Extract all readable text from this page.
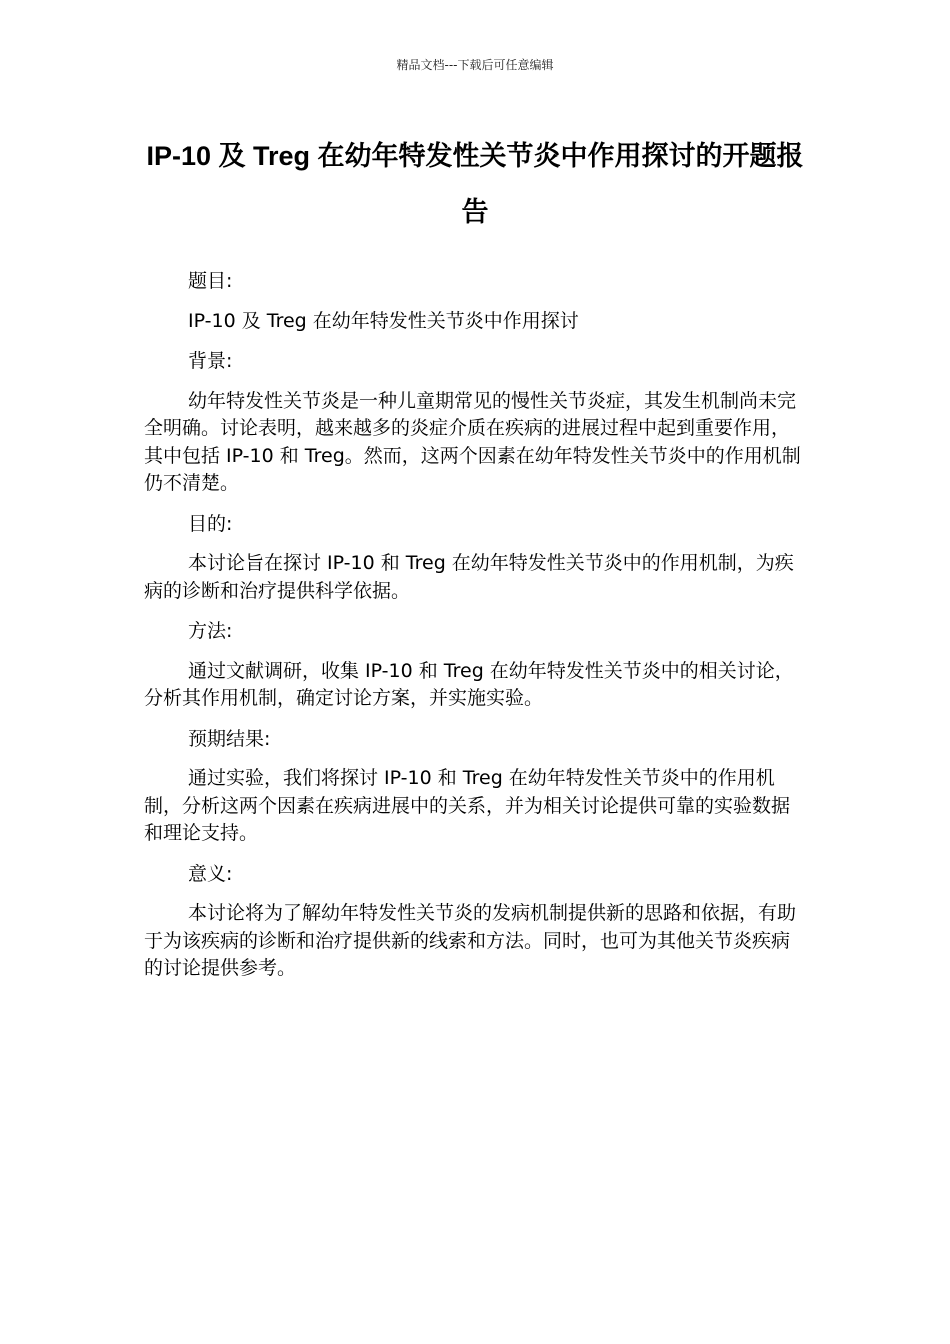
精品文档---下载后可任意编辑
IP-10 及 Treg 在幼年特发性关节炎中作用探讨的开题报告

题目:

IP-10 及 Treg 在幼年特发性关节炎中作用探讨

背景:

幼年特发性关节炎是一种儿童期常见的慢性关节炎症，其发生机制尚未完全明确。讨论表明，越来越多的炎症介质在疾病的进展过程中起到重要作用，其中包括 IP-10 和 Treg。然而，这两个因素在幼年特发性关节炎中的作用机制仍不清楚。

目的:

本讨论旨在探讨 IP-10 和 Treg 在幼年特发性关节炎中的作用机制，为疾病的诊断和治疗提供科学依据。

方法:

通过文献调研，收集 IP-10 和 Treg 在幼年特发性关节炎中的相关讨论，分析其作用机制，确定讨论方案，并实施实验。

预期结果:

通过实验，我们将探讨 IP-10 和 Treg 在幼年特发性关节炎中的作用机制，分析这两个因素在疾病进展中的关系，并为相关讨论提供可靠的实验数据和理论支持。

意义:

本讨论将为了解幼年特发性关节炎的发病机制提供新的思路和依据，有助于为该疾病的诊断和治疗提供新的线索和方法。同时，也可为其他关节炎疾病的讨论提供参考。
